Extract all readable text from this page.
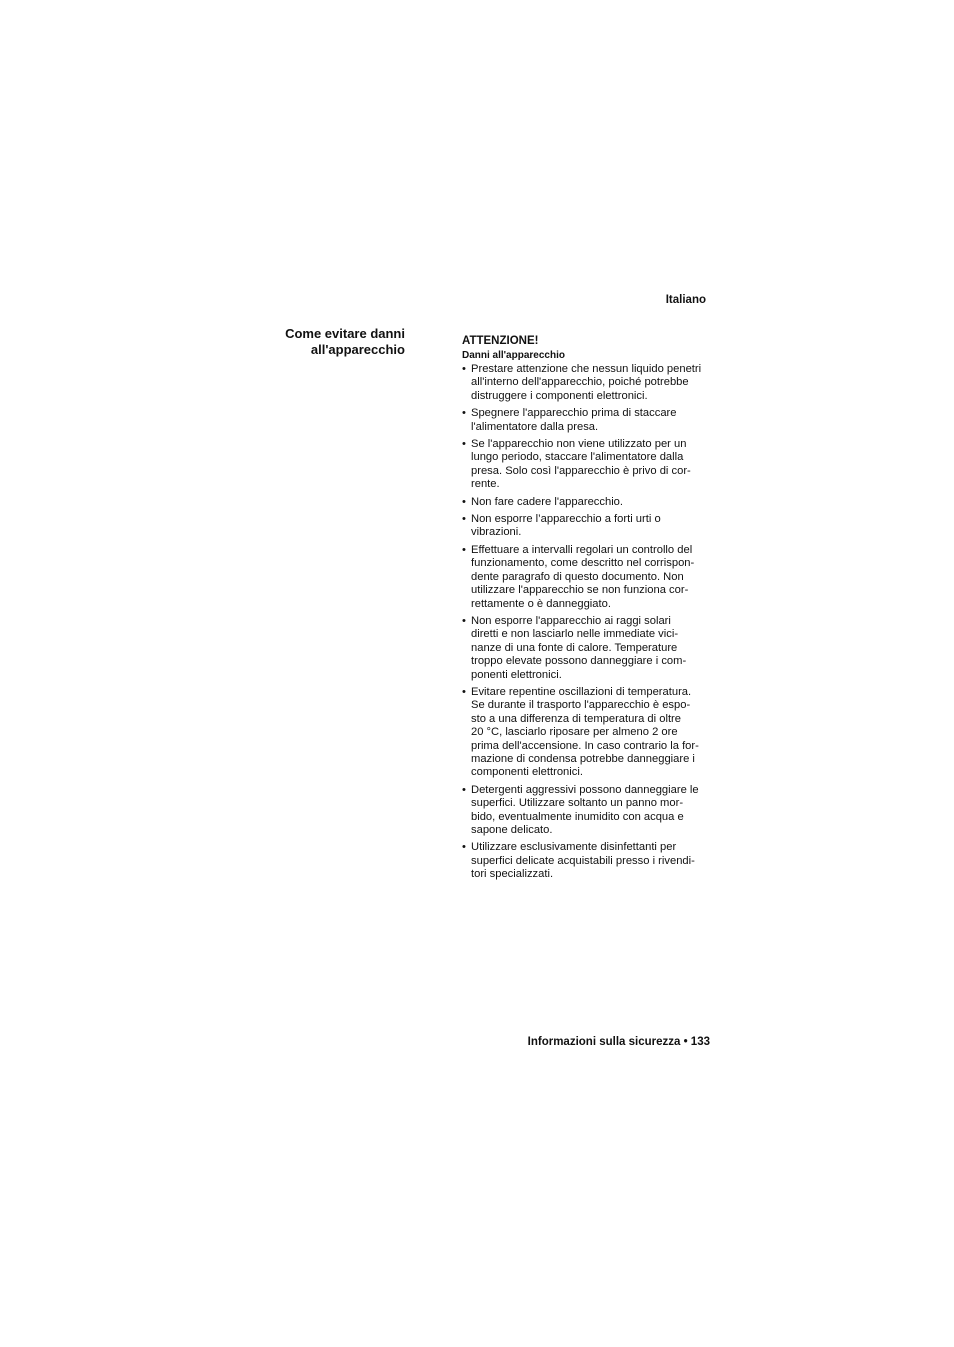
Italiano
Come evitare danni
all'apparecchio

ATTENZIONE!

Danni all'apparecchio

• Prestare attenzione che nessun liquido penetri
all'interno dell'apparecchio, poiché potrebbe
distruggere i componenti elettronici.
• Spegnere l'apparecchio prima di staccare
l'alimentatore dalla presa.
• Se l'apparecchio non viene utilizzato per un
lungo periodo, staccare l'alimentatore dalla
presa. Solo così l'apparecchio è privo di cor-
rente.
• Non fare cadere l'apparecchio.
• Non esporre l’apparecchio a forti urti o
vibrazioni.
• Effettuare a intervalli regolari un controllo del
funzionamento, come descritto nel corrispon-
dente paragrafo di questo documento. Non
utilizzare l'apparecchio se non funziona cor-
rettamente o è danneggiato.
• Non esporre l'apparecchio ai raggi solari
diretti e non lasciarlo nelle immediate vici-
nanze di una fonte di calore. Temperature
troppo elevate possono danneggiare i com-
ponenti elettronici.
• Evitare repentine oscillazioni di temperatura.
Se durante il trasporto l'apparecchio è espo-
sto a una differenza di temperatura di oltre
20 °C, lasciarlo riposare per almeno 2 ore
prima dell'accensione. In caso contrario la for-
mazione di condensa potrebbe danneggiare i
componenti elettronici.
• Detergenti aggressivi possono danneggiare le
superfici. Utilizzare soltanto un panno mor-
bido, eventualmente inumidito con acqua e
sapone delicato.
• Utilizzare esclusivamente disinfettanti per
superfici delicate acquistabili presso i rivendi-
tori specializzati.
Informazioni sulla sicurezza • 133
